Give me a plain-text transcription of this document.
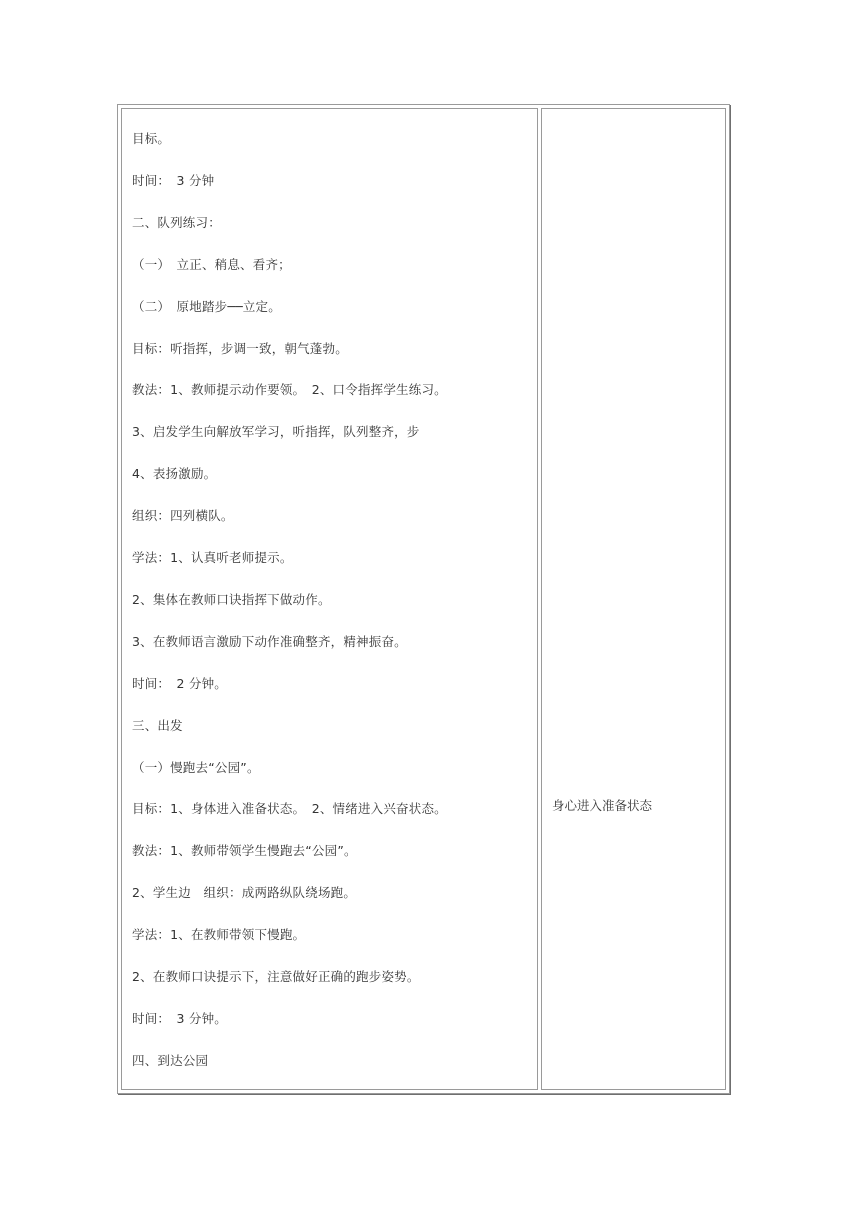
目标。
时间：　3 分钟
二、队列练习：
（一）　立正、稍息、看齐；
（二）　原地踏步──立定。
目标：听指挥，步调一致，朝气蓬勃。
教法：1、教师提示动作要领。　2、口令指挥学生练习。
3、启发学生向解放军学习，听指挥，队列整齐，步
4、表扬激励。
组织：四列横队。
学法：1、认真听老师提示。
2、集体在教师口诀指挥下做动作。
3、在教师语言激励下动作准确整齐，精神振奋。
时间：　2 分钟。
三、出发
（一）慢跑去“公园”。
目标：1、身体进入准备状态。　2、情绪进入兴奋状态。
教法：1、教师带领学生慢跑去“公园”。
2、学生边　组织：成两路纵队绕场跑。
学法：1、在教师带领下慢跑。
2、在教师口诀提示下，注意做好正确的跑步姿势。
时间：　3 分钟。
四、到达公园
身心进入准备状态
